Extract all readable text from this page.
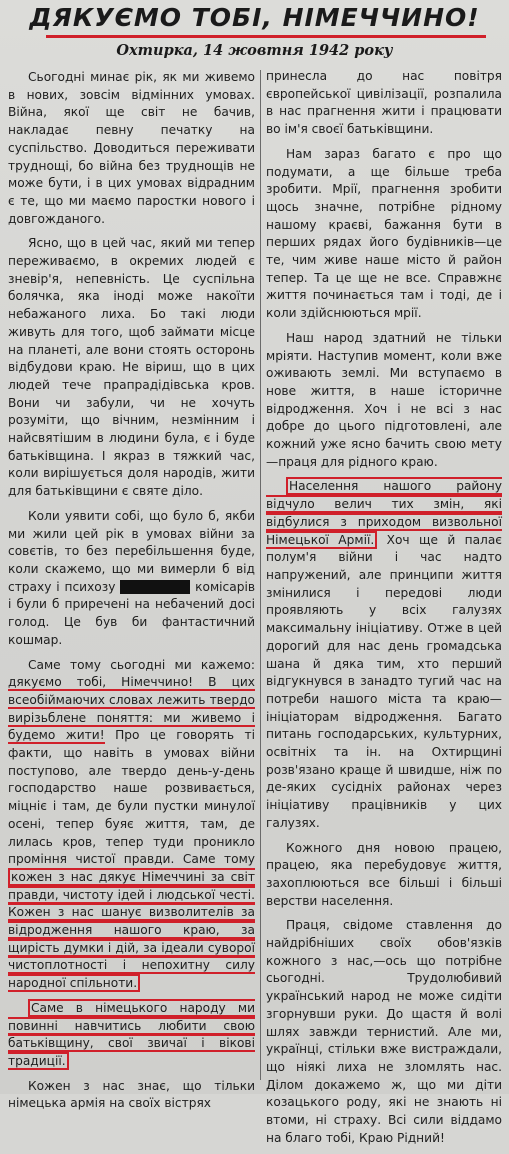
ДЯКУЄМО ТОБІ, НІМЕЧЧИНО!
Охтирка, 14 жовтня 1942 року

Сьогодні минає рік, як ми живемо в нових, зовсім відмінних умовах. Війна, якої ще світ не бачив, накладає певну печатку на суспільство. Доводиться переживати труднощі, бо війна без труднощів не може бути, і в цих умовах відрадним є те, що ми маємо паростки нового і довгожданого.

Ясно, що в цей час, який ми тепер переживаємо, в окремих людей є зневір'я, непевність. Це суспільна болячка, яка іноді може накоїти небажаного лиха. Бо такі люди живуть для того, щоб займати місце на планеті, але вони стоять осторонь відбудови краю. Не віриш, що в цих людей тече прапрадідівська кров. Вони чи забули, чи не хочуть розуміти, що вічним, незмінним і найсвятішим в людини була, є і буде батьківщина. І якраз в тяжкий час, коли вирішується доля народів, жити для батьківщини є святе діло.

Коли уявити собі, що було б, якби ми жили цей рік в умовах війни за совєтів, то без перебільшення буде, коли скажемо, що ми вимерли б від страху і психозу	комісарів і були б приречені на небачений досі голод. Це був би фантастичний кошмар.

Саме тому сьогодні ми кажемо: дякуємо тобі, Німеччино! В цих всеобіймаючих словах лежить твердо вирізьблене поняття: ми живемо і будемо жити! Про це говорять ті факти, що навіть в умовах війни поступово, але твердо день-у-день господарство наше розвивається, міцніє і там, де були пустки минулої осені, тепер буяє життя, там, де лилась кров, тепер туди проникло проміння чистої правди. Саме тому кожен з нас дякує Німеччині за світ правди, чистоту ідей і людської честі. Кожен з нас шанує визволителів за відродження нашого краю, за щирість думки і дій, за ідеали суворої чистоплотності і непохитну силу народної спільноти.

Саме в німецького народу ми повинні навчитись любити свою батьківщину, свої звичаї і вікові традиції.

Кожен з нас знає, що тільки німецька армія на своїх вістрях

принесла до нас повітря європейської цивілізації, розпалила в нас прагнення жити і працювати во ім'я своєї батьківщини.

Нам зараз багато є про що подумати, а ще більше треба зробити. Мрії, прагнення зробити щось значне, потрібне рідному нашому краєві, бажання бути в перших рядах його будівників—це те, чим живе наше місто й район тепер. Та це ще не все. Справжнє життя починається там і тоді, де і коли здійснюються мрії.

Наш народ здатний не тільки мріяти. Наступив момент, коли вже оживають землі. Ми вступаємо в нове життя, в наше історичне відродження. Хоч і не всі з нас добре до цього підготовлені, але кожний уже ясно бачить свою мету—праця для рідного краю.

Населення нашого району відчуло велич тих змін, які відбулися з приходом визвольної Німецької Армії. Хоч ще й палає полум'я війни і час надто напружений, але принципи життя змінилися і передові люди проявляють у всіх галузях максимальну ініціативу. Отже в цей дорогий для нас день громадська шана й дяка тим, хто перший відгукнувся в занадто тугий час на потреби нашого міста та краю—ініціаторам відродження. Багато питань господарських, культурних, освітніх та ін. на Охтирщині розв'язано краще й швидше, ніж по де-яких сусідніх районах через ініціативу працівників у цих галузях.

Кожного дня новою працею, працею, яка перебудовує життя, захоплюються все більші і більші верстви населення.

Праця, свідоме ставлення до найдрібніших своїх обов'язків кожного з нас,—ось що потрібне сьогодні. Трудолюбивий український народ не може сидіти згорнувши руки. До щастя й волі шлях завжди тернистий. Але ми, українці, стільки вже вистраждали, що ніякі лиха не зломлять нас. Ділом докажемо ж, що ми діти козацького роду, які не знають ні втоми, ні страху. Всі сили віддамо на благо тобі, Краю Рідний!
